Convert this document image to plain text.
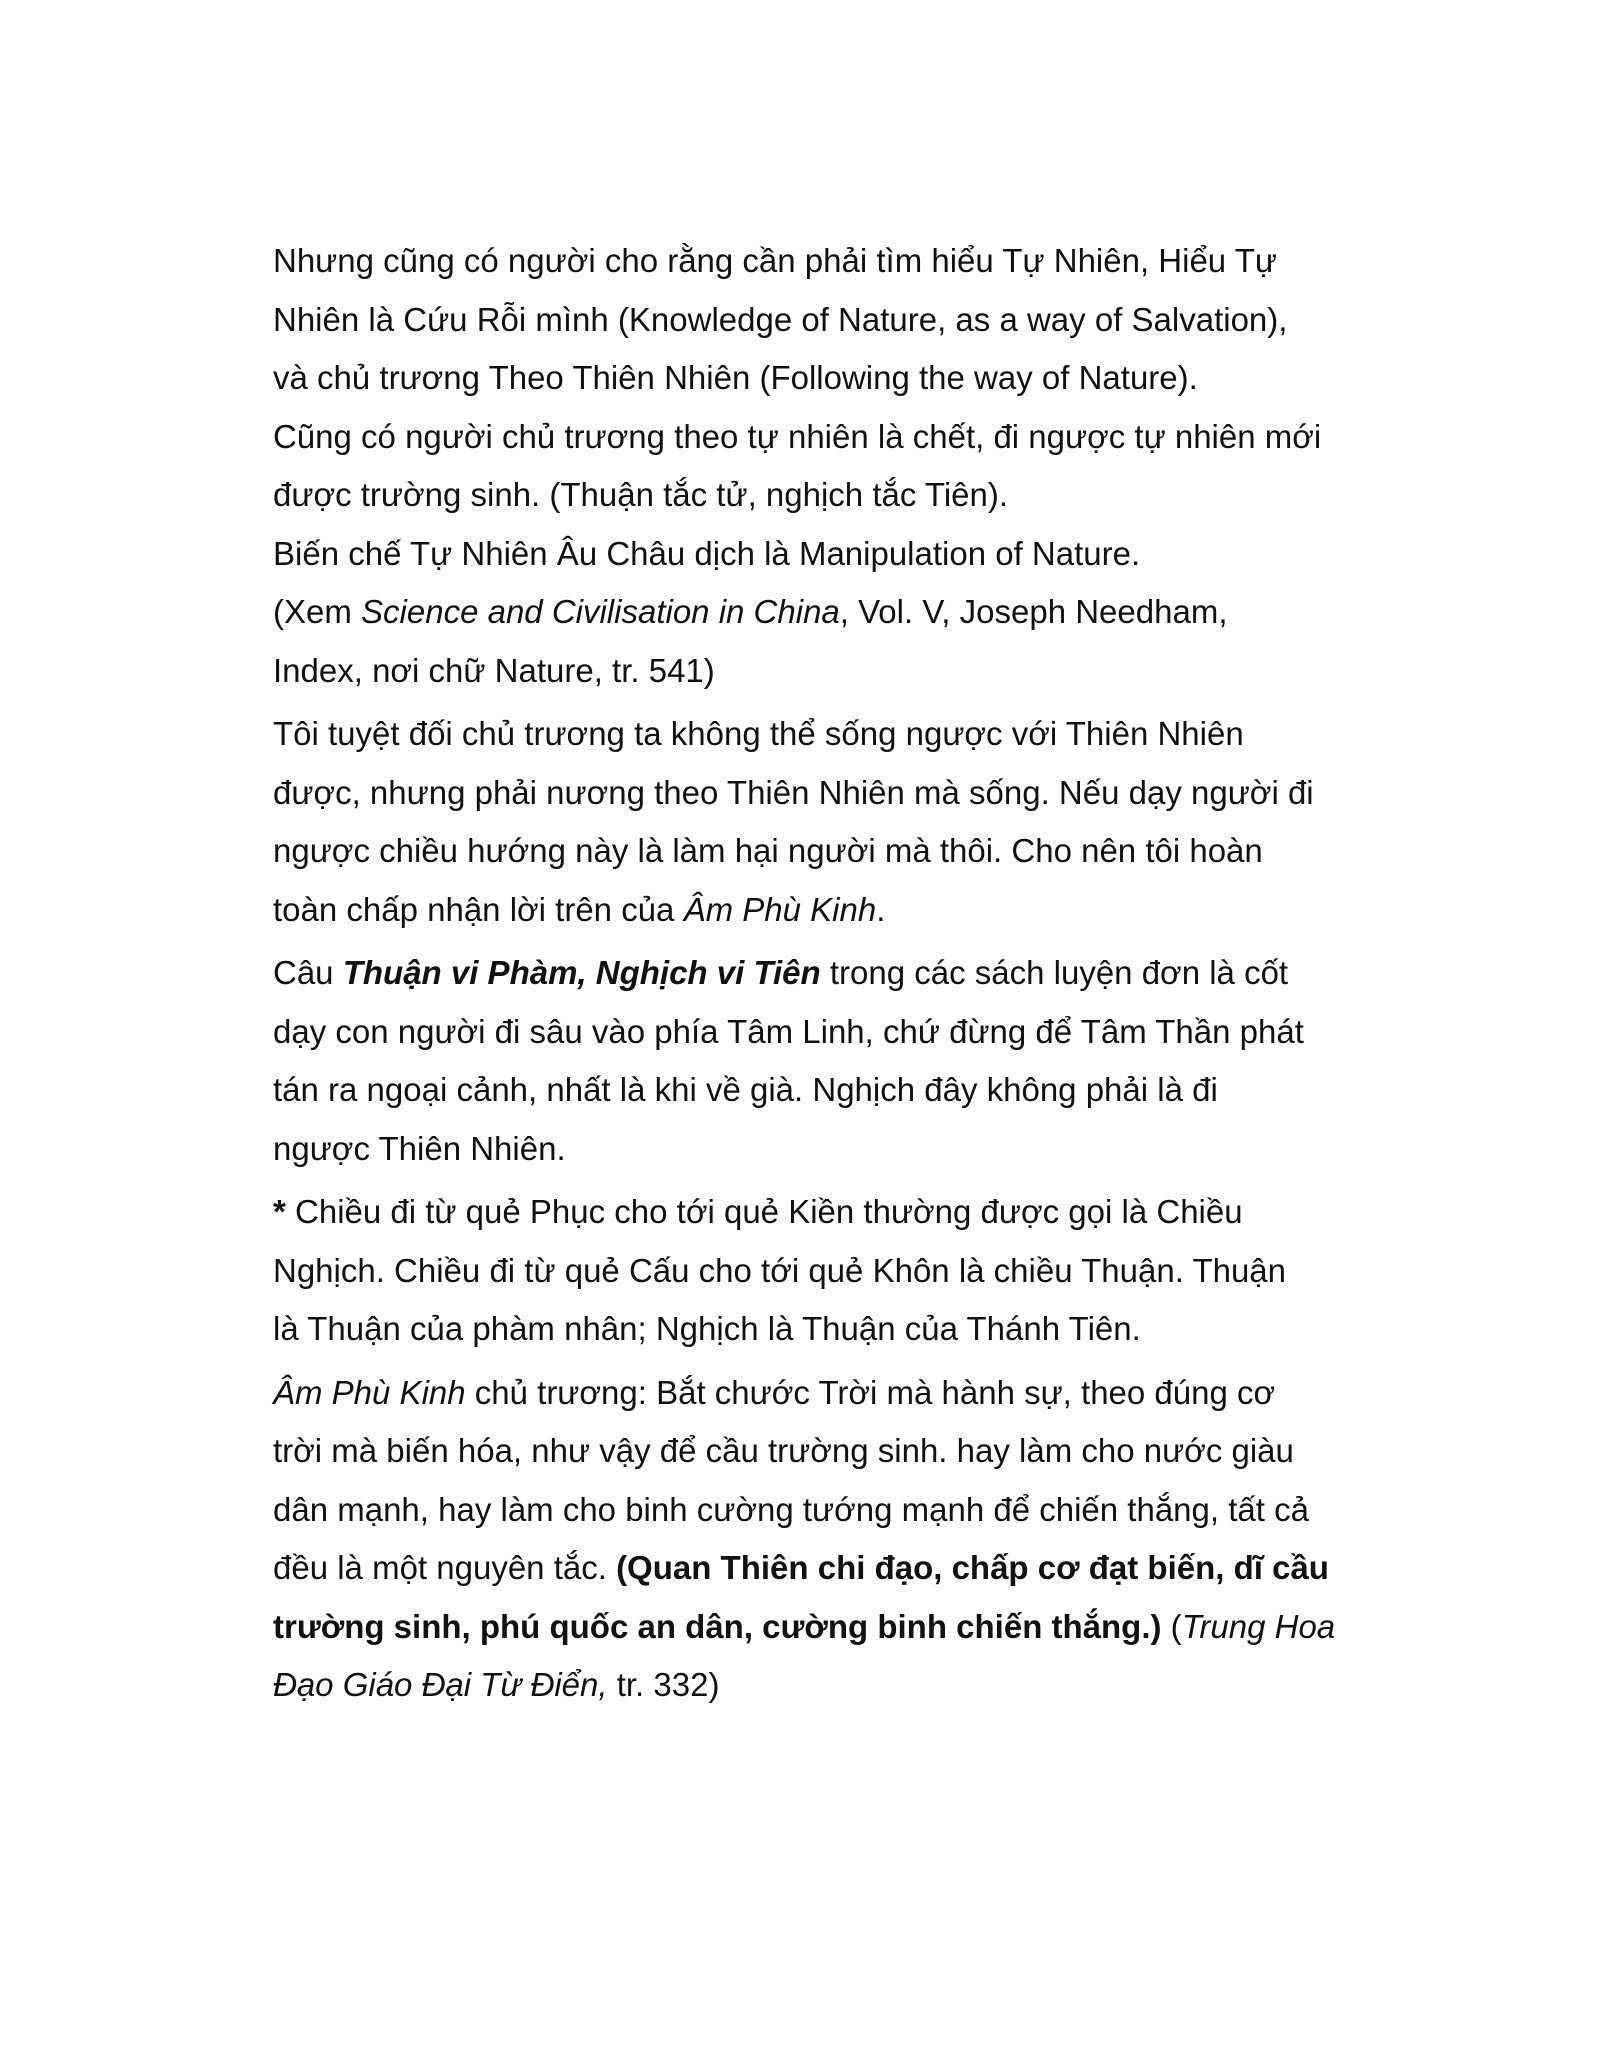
Nhưng cũng có người cho rằng cần phải tìm hiểu Tự Nhiên, Hiểu Tự
Nhiên là Cứu Rỗi mình (Knowledge of Nature, as a way of Salvation),
và chủ trương Theo Thiên Nhiên (Following the way of Nature).
Cũng có người chủ trương theo tự nhiên là chết, đi ngược tự nhiên mới
được trường sinh. (Thuận tắc tử, nghịch tắc Tiên).
Biến chế Tự Nhiên Âu Châu dịch là Manipulation of Nature.
(Xem Science and Civilisation in China, Vol. V, Joseph Needham,
Index, nơi chữ Nature, tr. 541)
Tôi tuyệt đối chủ trương ta không thể sống ngược với Thiên Nhiên
được, nhưng phải nương theo Thiên Nhiên mà sống. Nếu dạy người đi
ngược chiều hướng này là làm hại người mà thôi. Cho nên tôi hoàn
toàn chấp nhận lời trên của Âm Phù Kinh.
Câu Thuận vi Phàm, Nghịch vi Tiên trong các sách luyện đơn là cốt
dạy con người đi sâu vào phía Tâm Linh, chứ đừng để Tâm Thần phát
tán ra ngoại cảnh, nhất là khi về già. Nghịch đây không phải là đi
ngược Thiên Nhiên.
* Chiều đi từ quẻ Phục cho tới quẻ Kiền thường được gọi là Chiều
Nghịch. Chiều đi từ quẻ Cấu cho tới quẻ Khôn là chiều Thuận. Thuận
là Thuận của phàm nhân; Nghịch là Thuận của Thánh Tiên.
Âm Phù Kinh chủ trương: Bắt chước Trời mà hành sự, theo đúng cơ
trời mà biến hóa, như vậy để cầu trường sinh. hay làm cho nước giàu
dân mạnh, hay làm cho binh cường tướng mạnh để chiến thắng, tất cả
đều là một nguyên tắc. (Quan Thiên chi đạo, chấp cơ đạt biến, dĩ cầu
trường sinh, phú quốc an dân, cường binh chiến thắng.) (Trung Hoa
Đạo Giáo Đại Từ Điển, tr. 332)
